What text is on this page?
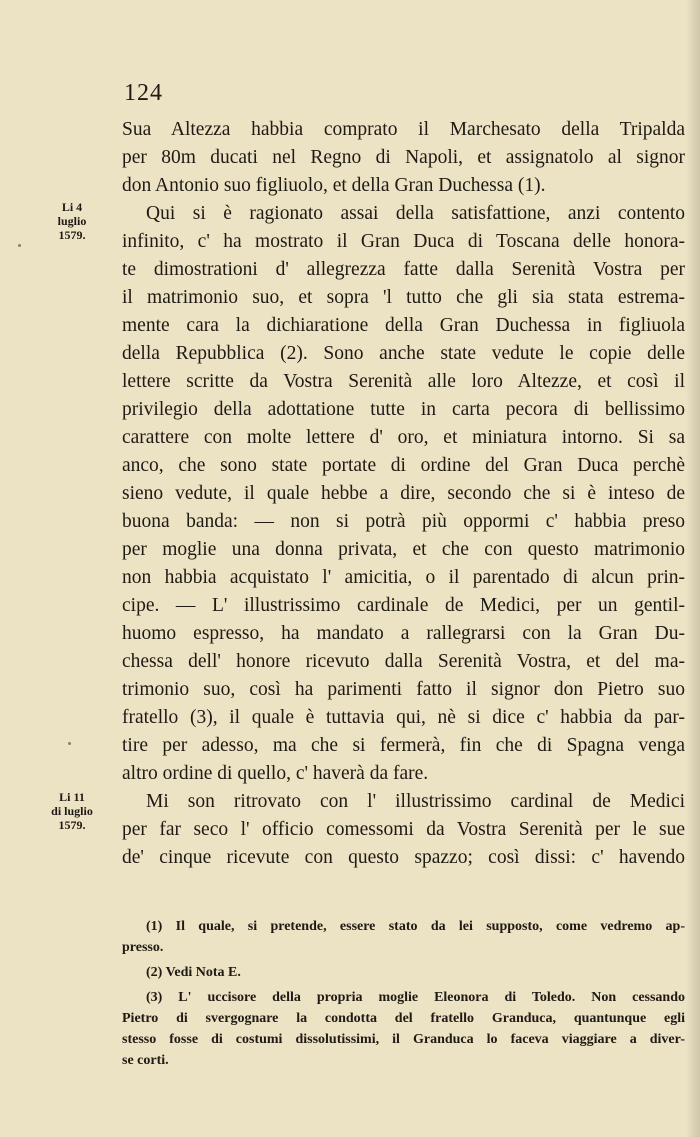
124
Li 4
luglio
1579.
Li 11
di luglio
1579.
Sua Altezza habbia comprato il Marchesato della Tripalda
per 80m ducati nel Regno di Napoli, et assignatolo al signor
don Antonio suo figliuolo, et della Gran Duchessa (1).
Qui si è ragionato assai della satisfattione, anzi contento
infinito, c' ha mostrato il Gran Duca di Toscana delle honora-
te dimostrationi d' allegrezza fatte dalla Serenità Vostra per
il matrimonio suo, et sopra 'l tutto che gli sia stata estrema-
mente cara la dichiaratione della Gran Duchessa in figliuola
della Repubblica (2). Sono anche state vedute le copie delle
lettere scritte da Vostra Serenità alle loro Altezze, et così il
privilegio della adottatione tutte in carta pecora di bellissimo
carattere con molte lettere d' oro, et miniatura intorno. Si sa
anco, che sono state portate di ordine del Gran Duca perchè
sieno vedute, il quale hebbe a dire, secondo che si è inteso de
buona banda: — non si potrà più oppormi c' habbia preso
per moglie una donna privata, et che con questo matrimonio
non habbia acquistato l' amicitia, o il parentado di alcun prin-
cipe. — L' illustrissimo cardinale de Medici, per un gentil-
huomo espresso, ha mandato a rallegrarsi con la Gran Du-
chessa dell' honore ricevuto dalla Serenità Vostra, et del ma-
trimonio suo, così ha parimenti fatto il signor don Pietro suo
fratello (3), il quale è tuttavia qui, nè si dice c' habbia da par-
tire per adesso, ma che si fermerà, fin che di Spagna venga
altro ordine di quello, c' haverà da fare.
Mi son ritrovato con l' illustrissimo cardinal de Medici
per far seco l' officio comessomi da Vostra Serenità per le sue
de' cinque ricevute con questo spazzo; così dissi: c' havendo
(1) Il quale, si pretende, essere stato da lei supposto, come vedremo ap-
presso.
(2) Vedi Nota E.
(3) L' uccisore della propria moglie Eleonora di Toledo. Non cessando
Pietro di svergognare la condotta del fratello Granduca, quantunque egli
stesso fosse di costumi dissolutissimi, il Granduca lo faceva viaggiare a diver-
se corti.
